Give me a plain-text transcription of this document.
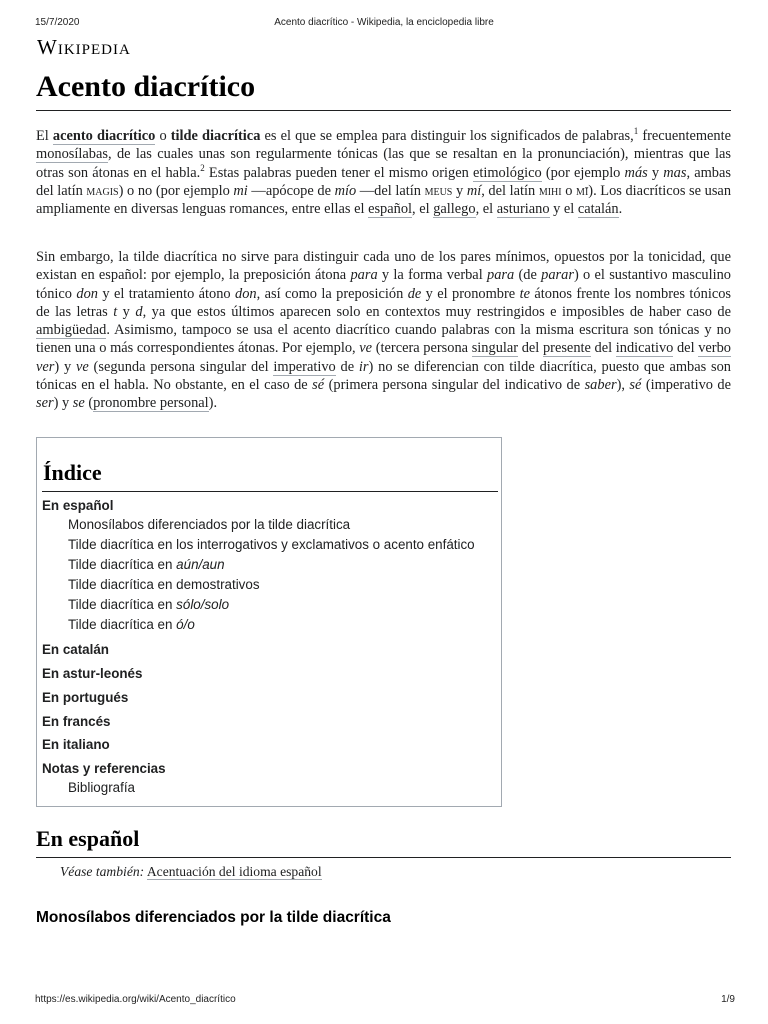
15/7/2020	Acento diacrítico - Wikipedia, la enciclopedia libre
Wikipedia
Acento diacrítico

El acento diacrítico o tilde diacrítica es el que se emplea para distinguir los significados de palabras,$^1$ frecuentemente monosílabas, de las cuales unas son regularmente tónicas (las que se resaltan en la pronunciación), mientras que las otras son átonas en el habla.$^2$ Estas palabras pueden tener el mismo origen etimológico (por ejemplo más y mas, ambas del latín magis) o no (por ejemplo mi —apócope de mío —del latín meus y mí, del latín mihi o mī). Los diacríticos se usan ampliamente en diversas lenguas romances, entre ellas el español, el gallego, el asturiano y el catalán.

Sin embargo, la tilde diacrítica no sirve para distinguir cada uno de los pares mínimos, opuestos por la tonicidad, que existan en español: por ejemplo, la preposición átona para y la forma verbal para (de parar) o el sustantivo masculino tónico don y el tratamiento átono don, así como la preposición de y el pronombre te átonos frente los nombres tónicos de las letras t y d, ya que estos últimos aparecen solo en contextos muy restringidos e imposibles de haber caso de ambigüedad. Asimismo, tampoco se usa el acento diacrítico cuando palabras con la misma escritura son tónicas y no tienen una o más correspondientes átonas. Por ejemplo, ve (tercera persona singular del presente del indicativo del verbo ver) y ve (segunda persona singular del imperativo de ir) no se diferencian con tilde diacrítica, puesto que ambas son tónicas en el habla. No obstante, en el caso de sé (primera persona singular del indicativo de saber), sé (imperativo de ser) y se (pronombre personal).

Índice
En español
Monosílabos diferenciados por la tilde diacrítica
Tilde diacrítica en los interrogativos y exclamativos o acento enfático
Tilde diacrítica en aún/aun
Tilde diacrítica en demostrativos
Tilde diacrítica en sólo/solo
Tilde diacrítica en ó/o
En catalán
En astur-leonés
En portugués
En francés
En italiano
Notas y referencias
Bibliografía
En español
Véase también: Acentuación del idioma español
Monosílabos diferenciados por la tilde diacrítica
https://es.wikipedia.org/wiki/Acento_diacrítico	1/9
